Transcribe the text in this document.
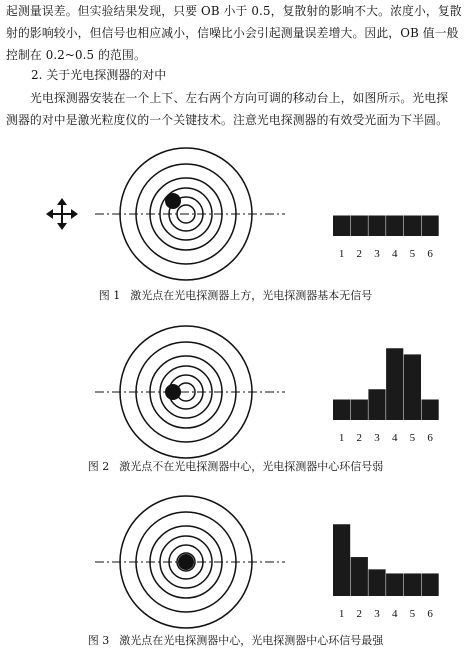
起测量误差。但实验结果发现，只要 OB 小于 0.5，复散射的影响不大。浓度小，复散
射的影响较小，但信号也相应减小，信噪比小会引起测量误差增大。因此，OB 值一般
控制在 0.2~0.5 的范围。

2. 关于光电探测器的对中

光电探测器安装在一个上下、左右两个方向可调的移动台上，如图所示。光电探
测器的对中是激光粒度仪的一个关键技术。注意光电探测器的有效受光面为下半圆。

1 2 3 4 5 6
图 1 激光点在光电探测器上方，光电探测器基本无信号
1 2 3 4 5 6
图 2 激光点不在光电探测器中心，光电探测器中心环信号弱
1 2 3 4 5 6
图 3 激光点在光电探测器中心，光电探测器中心环信号最强
